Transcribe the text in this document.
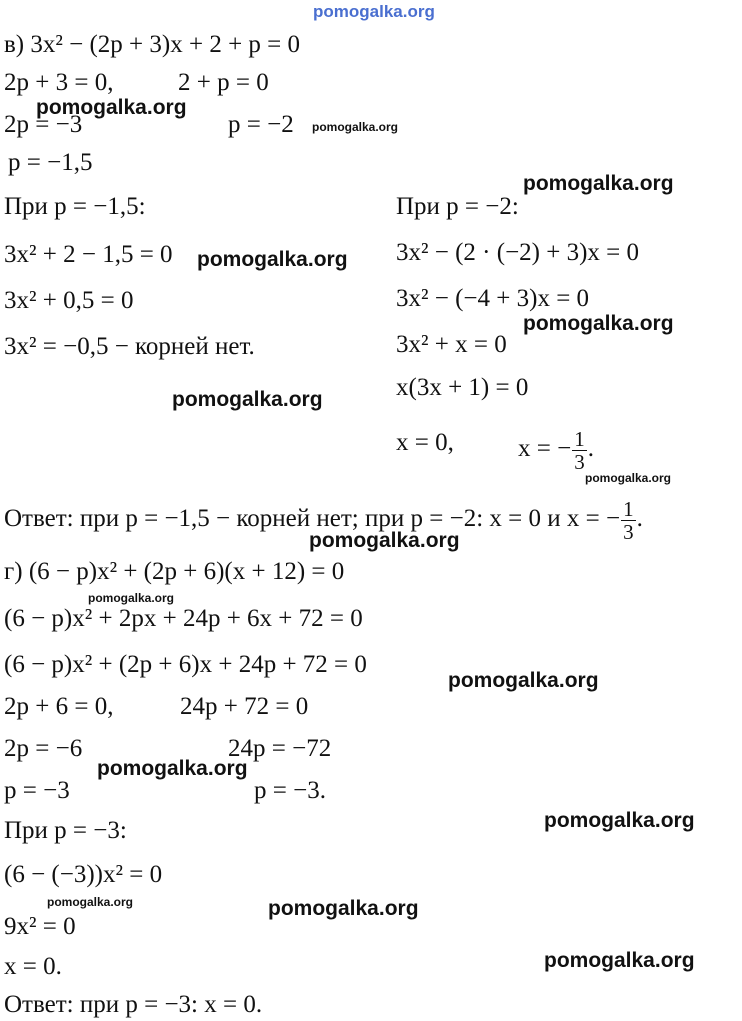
pomogalka.org
pomogalka.org
pomogalka.org
pomogalka.org
pomogalka.org
pomogalka.org
pomogalka.org
pomogalka.org
pomogalka.org
pomogalka.org
pomogalka.org
pomogalka.org
pomogalka.org
pomogalka.org	pomogalka.org
pomogalka.org
в) 3x² − (2p + 3)x + 2 + p = 0
2p + 3 = 0,	2 + p = 0
2p = −3	p = −2
p = −1,5
При p = −1,5:
3x² + 2 − 1,5 = 0
3x² + 0,5 = 0
3x² = −0,5 − корней нет.
При p = −2:
3x² − (2 · (−2) + 3)x = 0
3x² − (−4 + 3)x = 0
3x² + x = 0
x(3x + 1) = 0
x = 0,	x = − $\frac{1}{3}$ .
Ответ: при p = −1,5 − корней нет; при p = −2: x = 0 и x = − $\frac{1}{3}$ .
г) (6 − p)x² + (2p + 6)(x + 12) = 0
(6 − p)x² + 2px + 24p + 6x + 72 = 0
(6 − p)x² + (2p + 6)x + 24p + 72 = 0
2p + 6 = 0,	24p + 72 = 0
2p = −6	24p = −72
p = −3	p = −3.
При p = −3:
(6 − (−3))x² = 0
9x² = 0
x = 0.
Ответ: при p = −3: x = 0.
